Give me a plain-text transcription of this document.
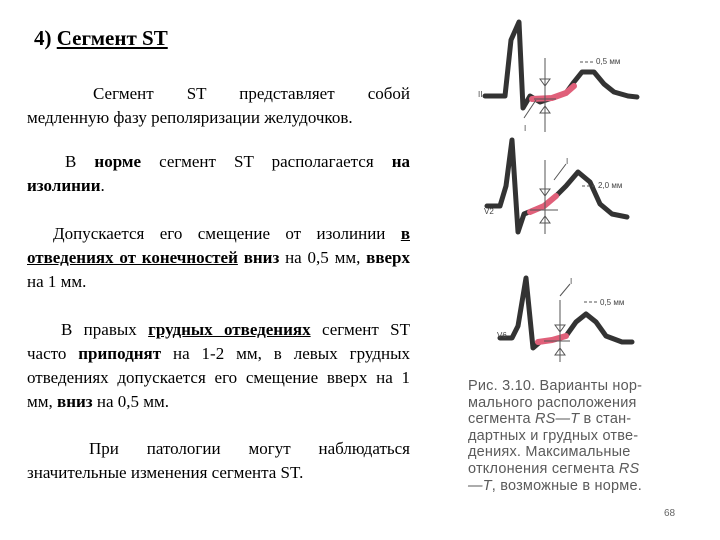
4) Сегмент ST
Сегмент ST представляет собой медленную фазу реполяризации желудочков.
В норме сегмент ST располагается на изолинии.
Допускается его смещение от изолинии в отведениях от конечностей вниз на 0,5 мм, вверх на 1 мм.
В правых грудных отведениях сегмент ST часто приподнят на 1-2 мм, в левых грудных отведениях допускается его смещение вверх на 1 мм, вниз на 0,5 мм.
При патологии могут наблюдаться значительные изменения сегмента ST.
II
0,5 мм
I
V2
2,0 мм
I
V6
0,5 мм
I
Рис. 3.10. Варианты нор- мального расположения сегмента RS—T в стан- дартных и грудных отве- дениях. Максимальные отклонения сегмента RS—T, возможные в норме.
68
